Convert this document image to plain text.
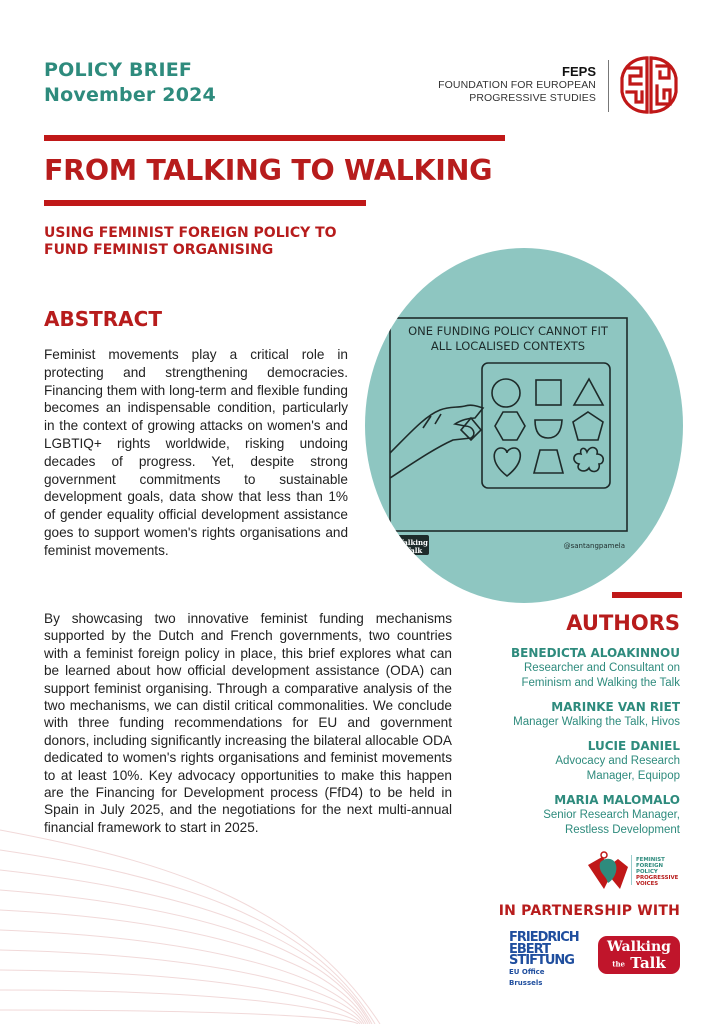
POLICY BRIEF
November 2024
FEPS
FOUNDATION FOR EUROPEAN
PROGRESSIVE STUDIES
FROM TALKING TO WALKING
USING FEMINIST FOREIGN POLICY TO
FUND FEMINIST ORGANISING
ABSTRACT

Feminist movements play a critical role in protecting and strengthening democracies. Financing them with long-term and flexible funding becomes an indispensable condition, particularly in the context of growing attacks on women's and LGBTIQ+ rights worldwide, risking undoing decades of progress. Yet, despite strong government commitments to sustainable development goals, data show that less than 1% of gender equality official development assistance goes to support women's rights organisations and feminist movements.

ONE FUNDING POLICY CANNOT FIT
ALL LOCALISED CONTEXTS
@santangpamela
Walking
Talk

By showcasing two innovative feminist funding mechanisms supported by the Dutch and French governments, two countries with a feminist foreign policy in place, this brief explores what can be learned about how official development assistance (ODA) can support feminist organising. Through a comparative analysis of the two mechanisms, we can distil critical commonalities. We conclude with three funding recommendations for EU and government donors, including significantly increasing the bilateral allocable ODA dedicated to women's rights organisations and feminist movements to at least 10%. Key advocacy opportunities to make this happen are the Financing for Development process (FfD4) to be held in Spain in July 2025, and the negotiations for the next multi-annual financial framework to start in 2025.

AUTHORS
BENEDICTA ALOAKINNOU
Researcher and Consultant on
Feminism and Walking the Talk
MARINKE VAN RIET
Manager Walking the Talk, Hivos
LUCIE DANIEL
Advocacy and Research
Manager, Equipop
MARIA MALOMALO
Senior Research Manager,
Restless Development
FEMINIST
FOREIGN
POLICY
PROGRESSIVE
VOICES
IN PARTNERSHIP WITH
FRIEDRICH
EBERT
STIFTUNG
EU Office Brussels
Walking
the Talk
